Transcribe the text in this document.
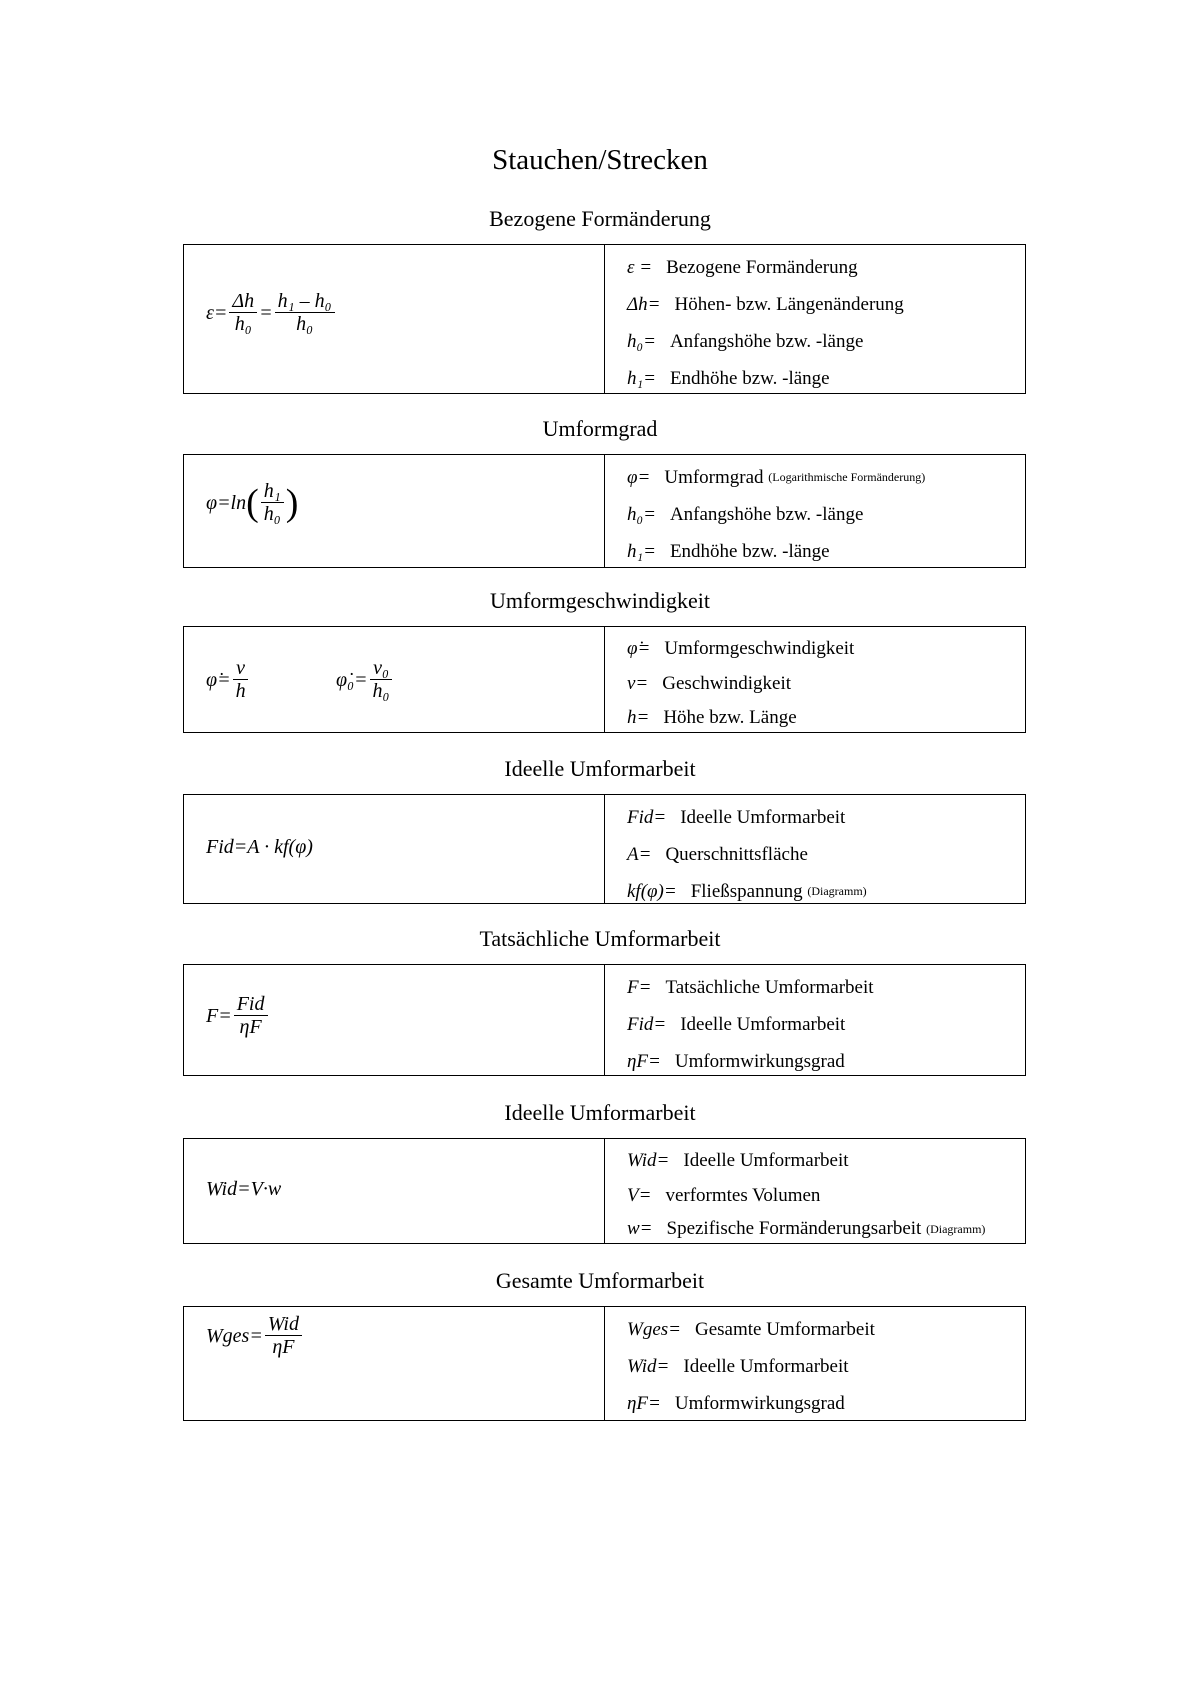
Stauchen/Strecken
Bezogene Formänderung
$\varepsilon= \frac{\Delta h}{\text{h₀}} = \frac{\text{h₁ – h₀}}{\text{h₀}}$
ε = Bezogene Formänderung
Δh= Höhen- bzw. Längenänderung
h₀= Anfangshöhe bzw. -länge
h₁= Endhöhe bzw. -länge
Umformgrad
φ=ln ( $\frac{\text{h₁}}{\text{h₀}}$ )
φ= Umformgrad
(Logarithmische Formänderung)
h₀= Anfangshöhe bzw. -länge
h₁= Endhöhe bzw. -länge
Umformgeschwindigkeit
φ̇= $\frac{v}{h}$	φ̇₀= $\frac{\text{v₀}}{\text{h₀}}$
φ̇= Umformgeschwindigkeit
v= Geschwindigkeit
h= Höhe bzw. Länge
Ideelle Umformarbeit
Fid=A · kf(φ)
Fid= Ideelle Umformarbeit
A= Querschnittsfläche
kf(φ)= Fließspannung
(Diagramm)
Tatsächliche Umformarbeit
$F= \frac{\text{Fid}}{\eta F}$
F= Tatsächliche Umformarbeit
Fid= Ideelle Umformarbeit
ηF= Umformwirkungsgrad
Ideelle Umformarbeit
Wid=V·w
Wid= Ideelle Umformarbeit
V= verformtes Volumen
w= Spezifische Formänderungsarbeit
(Diagramm)
Gesamte Umformarbeit
Wges= $\frac{\text{Wid}}{\eta F}$	Wges= Gesamte Umformarbeit
Wid= Ideelle Umformarbeit
ηF= Umformwirkungsgrad
